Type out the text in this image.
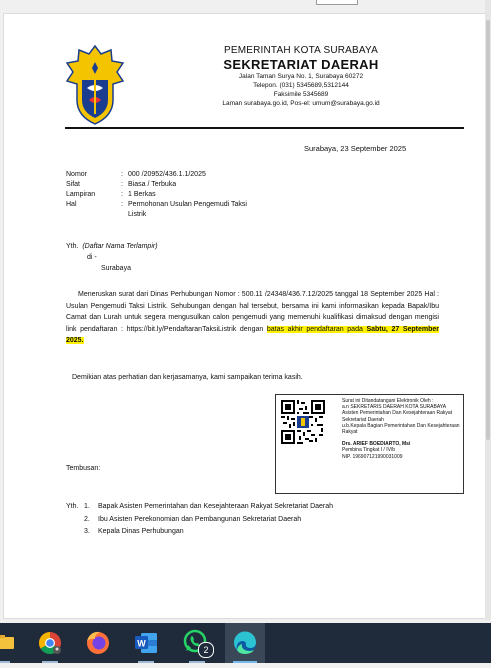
PEMERINTAH KOTA SURABAYA
SEKRETARIAT DAERAH
Jalan Taman Surya No. 1, Surabaya 60272
Telepon. (031) 5345689,5312144
Faksimile 5345689
Laman surabaya.go.id, Pos-el: umum@surabaya.go.id
Surabaya, 23 September 2025
Nomor	: 000 /20952/436.1.1/2025
Sifat	: Biasa / Terbuka
Lampiran	: 1 Berkas
Hal	: Permohonan Usulan Pengemudi Taksi Listrik
Yth. (Daftar Nama Terlampir)
di -
Surabaya
Meneruskan surat dari Dinas Perhubungan Nomor : 500.11 /24348/436.7.12/2025 tanggal 18 September 2025 Hal : Usulan Pengemudi Taksi Listrik. Sehubungan dengan hal tersebut, bersama ini kami informasikan kepada Bapak/Ibu Camat dan Lurah untuk segera mengusulkan calon pengemudi yang memenuhi kualifikasi dimaksud dengan mengisi link pendaftaran : https://bit.ly/PendaftaranTaksiListrik dengan batas akhir pendaftaran pada Sabtu, 27 September 2025.
Demikian atas perhatian dan kerjasamanya, kami sampaikan terima kasih.
Surat ini Ditandatangani Elektronik Oleh :
a.n SEKRETARIS DAERAH KOTA SURABAYA
Asisten Pemerintahan Dan Kesejahteraan Rakyat Sekretariat Daerah
u.b.Kepala Bagian Pemerintahan Dan Kesejahteraan Rakyat
Drs. ARIEF BOEDIARTO, Msi
Pembina Tingkat I / IV/b
NIP. 196907121990031009
Tembusan:
Yth. 1.	Bapak Asisten Pemerintahan dan Kesejahteraan Rakyat Sekretariat Daerah
2.	Ibu Asisten Perekonomian dan Pembangunan Sekretariat Daerah
3.	Kepala Dinas Perhubungan
W
2
